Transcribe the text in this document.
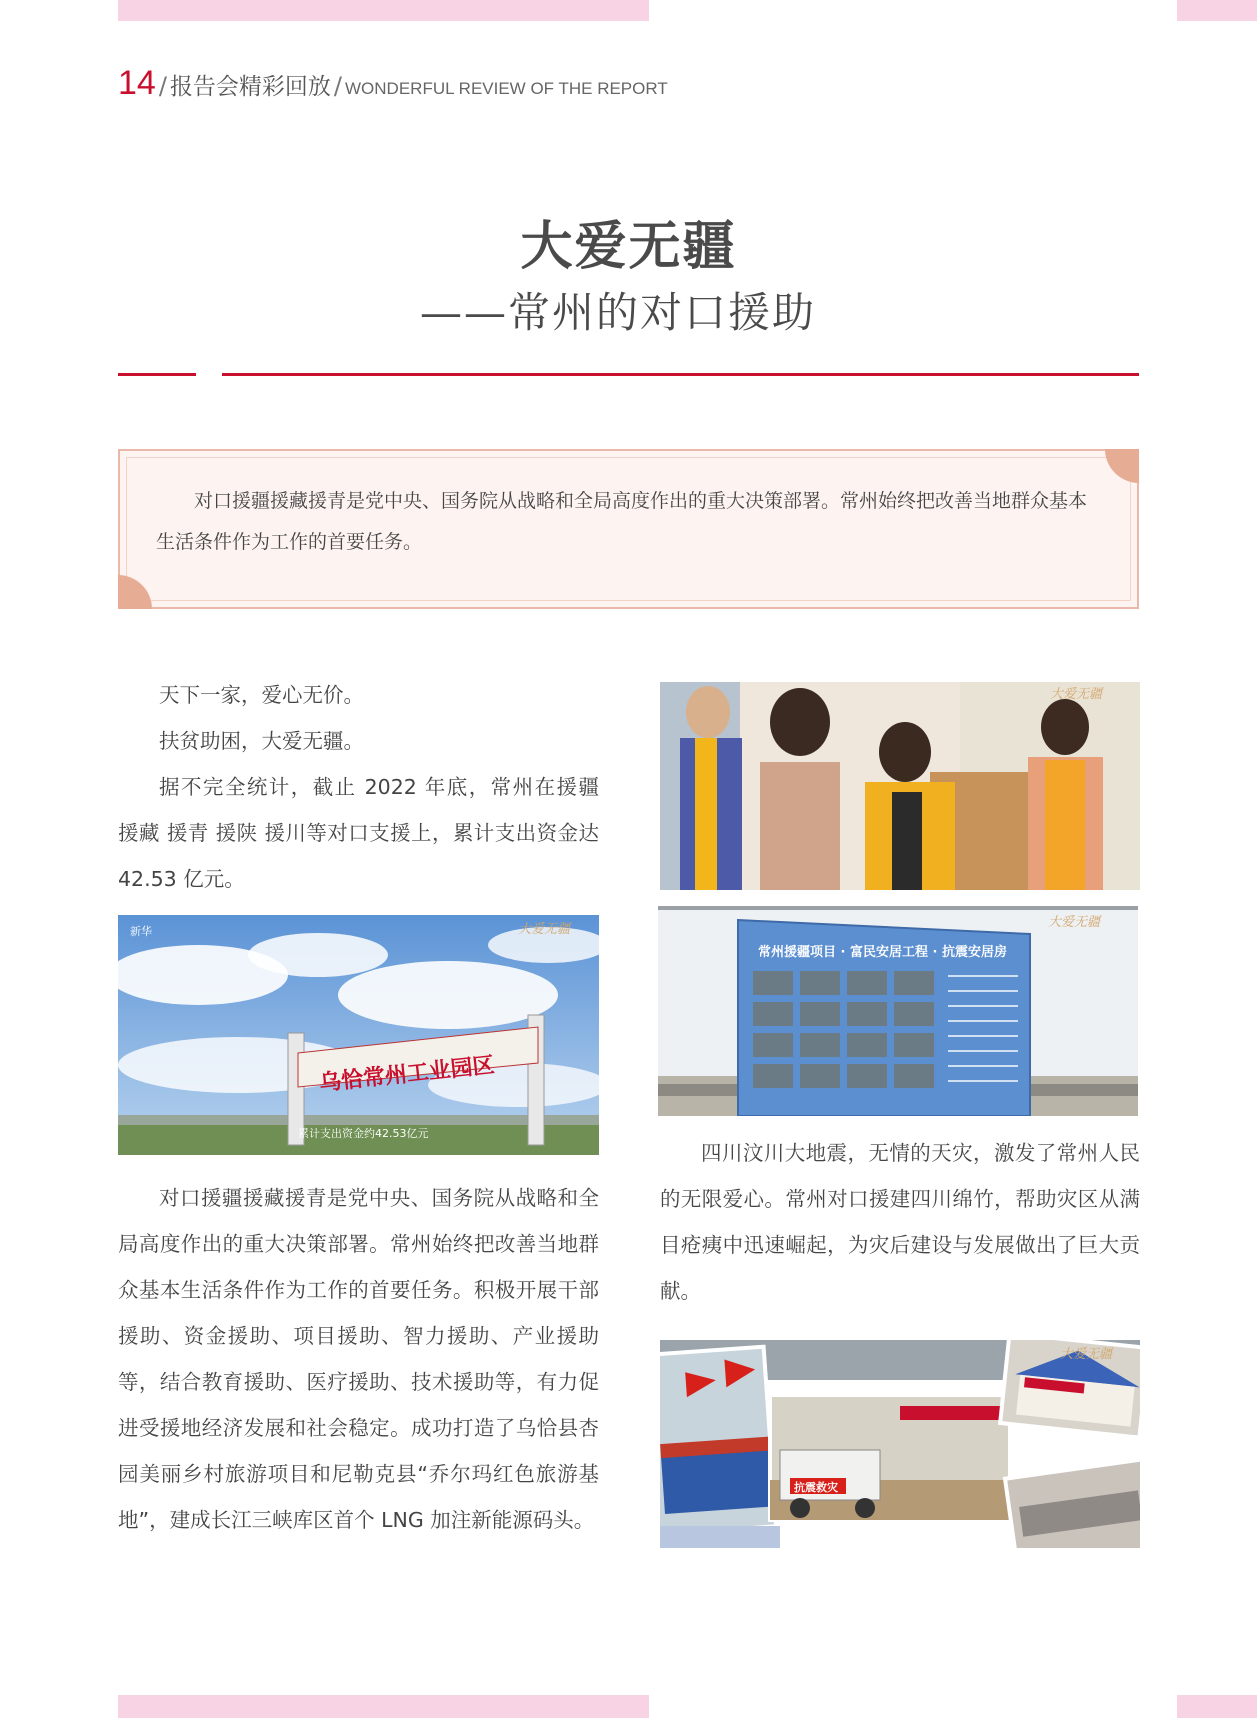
14 / 报告会精彩回放 / WONDERFUL REVIEW OF THE REPORT
大爱无疆
——常州的对口援助

对口援疆援藏援青是党中央、国务院从战略和全局高度作出的重大决策部署。常州始终把改善当地群众基本生活条件作为工作的首要任务。

天下一家，爱心无价。

扶贫助困，大爱无疆。

据不完全统计，截止 2022 年底，常州在援疆 援藏 援青 援陕 援川等对口支援上，累计支出资金达 42.53 亿元。

乌恰常州工业园区
累计支出资金约42.53亿元
新华	大爱无疆

对口援疆援藏援青是党中央、国务院从战略和全局高度作出的重大决策部署。常州始终把改善当地群众基本生活条件作为工作的首要任务。积极开展干部援助、资金援助、项目援助、智力援助、产业援助等，结合教育援助、医疗援助、技术援助等，有力促进受援地经济发展和社会稳定。成功打造了乌恰县杏园美丽乡村旅游项目和尼勒克县“乔尔玛红色旅游基地”，建成长江三峡库区首个 LNG 加注新能源码头。

大爱无疆
常州援疆项目 · 富民安居工程 · 抗震安居房
大爱无疆

四川汶川大地震，无情的天灾，激发了常州人民的无限爱心。常州对口援建四川绵竹，帮助灾区从满目疮痍中迅速崛起，为灾后建设与发展做出了巨大贡献。

抗震救灾
大爱无疆
